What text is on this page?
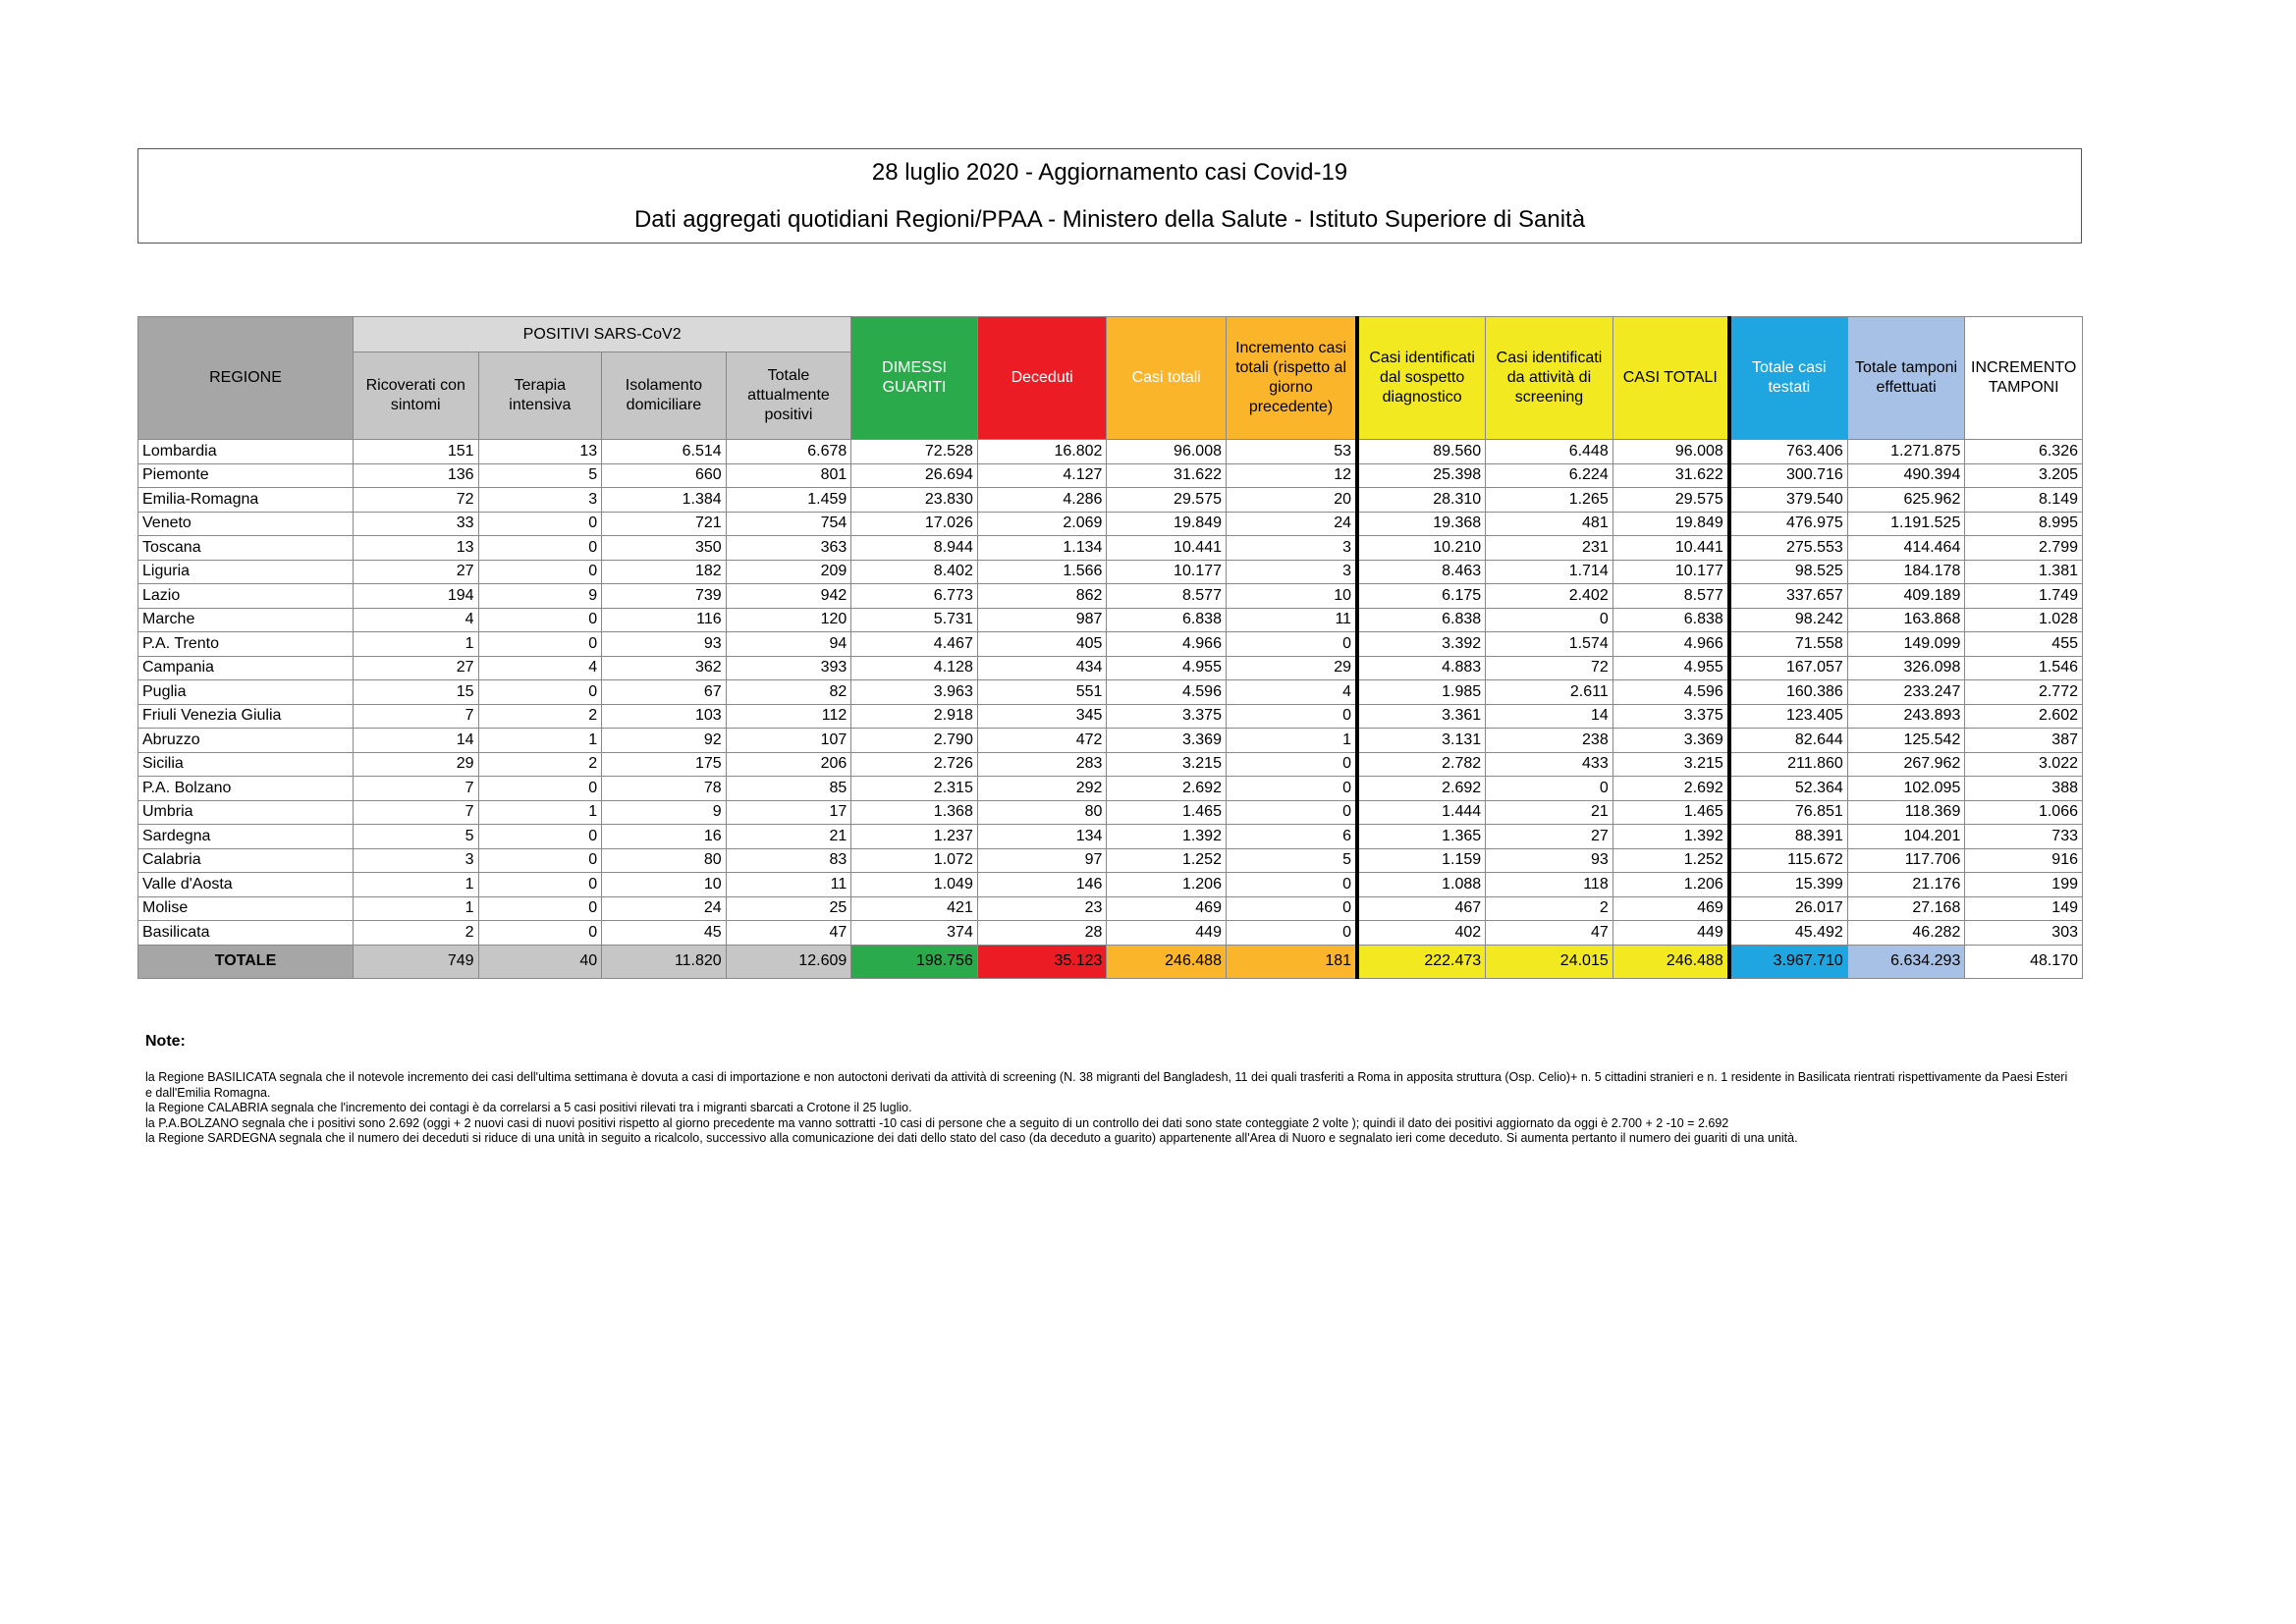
28 luglio 2020 - Aggiornamento casi Covid-19
Dati aggregati quotidiani Regioni/PPAA - Ministero della Salute - Istituto Superiore di Sanità
REGIONE	POSITIVI SARS-CoV2				DIMESSI GUARITI	Deceduti	Casi totali	Incremento casi totali (rispetto al giorno precedente)	Casi identificati dal sospetto diagnostico	Casi identificati da attività di screening	CASI TOTALI	Totale casi testati	Totale tamponi effettuati	INCREMENTO TAMPONI
	Ricoverati con sintomi	Terapia intensiva	Isolamento domiciliare	Totale attualmente positivi										
Lombardia	151	13	6.514	6.678	72.528	16.802	96.008	53	89.560	6.448	96.008	763.406	1.271.875	6.326
Piemonte	136	5	660	801	26.694	4.127	31.622	12	25.398	6.224	31.622	300.716	490.394	3.205
Emilia-Romagna	72	3	1.384	1.459	23.830	4.286	29.575	20	28.310	1.265	29.575	379.540	625.962	8.149
Veneto	33	0	721	754	17.026	2.069	19.849	24	19.368	481	19.849	476.975	1.191.525	8.995
Toscana	13	0	350	363	8.944	1.134	10.441	3	10.210	231	10.441	275.553	414.464	2.799
Liguria	27	0	182	209	8.402	1.566	10.177	3	8.463	1.714	10.177	98.525	184.178	1.381
Lazio	194	9	739	942	6.773	862	8.577	10	6.175	2.402	8.577	337.657	409.189	1.749
Marche	4	0	116	120	5.731	987	6.838	11	6.838	0	6.838	98.242	163.868	1.028
P.A. Trento	1	0	93	94	4.467	405	4.966	0	3.392	1.574	4.966	71.558	149.099	455
Campania	27	4	362	393	4.128	434	4.955	29	4.883	72	4.955	167.057	326.098	1.546
Puglia	15	0	67	82	3.963	551	4.596	4	1.985	2.611	4.596	160.386	233.247	2.772
Friuli Venezia Giulia	7	2	103	112	2.918	345	3.375	0	3.361	14	3.375	123.405	243.893	2.602
Abruzzo	14	1	92	107	2.790	472	3.369	1	3.131	238	3.369	82.644	125.542	387
Sicilia	29	2	175	206	2.726	283	3.215	0	2.782	433	3.215	211.860	267.962	3.022
P.A. Bolzano	7	0	78	85	2.315	292	2.692	0	2.692	0	2.692	52.364	102.095	388
Umbria	7	1	9	17	1.368	80	1.465	0	1.444	21	1.465	76.851	118.369	1.066
Sardegna	5	0	16	21	1.237	134	1.392	6	1.365	27	1.392	88.391	104.201	733
Calabria	3	0	80	83	1.072	97	1.252	5	1.159	93	1.252	115.672	117.706	916
Valle d'Aosta	1	0	10	11	1.049	146	1.206	0	1.088	118	1.206	15.399	21.176	199
Molise	1	0	24	25	421	23	469	0	467	2	469	26.017	27.168	149
Basilicata	2	0	45	47	374	28	449	0	402	47	449	45.492	46.282	303
TOTALE	749	40	11.820	12.609	198.756	35.123	246.488	181	222.473	24.015	246.488	3.967.710	6.634.293	48.170
Note:
la Regione BASILICATA segnala che il notevole incremento dei casi dell'ultima settimana è dovuta a casi di importazione e non autoctoni derivati da attività di screening (N. 38 migranti del Bangladesh, 11 dei quali trasferiti a Roma in apposita struttura (Osp. Celio)+ n. 5 cittadini stranieri e n. 1 residente in Basilicata rientrati rispettivamente da Paesi Esteri e dall'Emilia Romagna.
la Regione CALABRIA segnala che l'incremento dei contagi è da correlarsi a 5 casi positivi rilevati tra i migranti sbarcati a Crotone il 25 luglio.
la P.A.BOLZANO segnala che i positivi sono 2.692 (oggi + 2 nuovi casi di nuovi positivi rispetto al giorno precedente ma vanno sottratti -10 casi di persone che a seguito di un controllo dei dati sono state conteggiate 2 volte ); quindi il dato dei positivi aggiornato da oggi è 2.700 + 2 -10 = 2.692
la Regione SARDEGNA segnala che il numero dei deceduti si riduce di una unità in seguito a ricalcolo, successivo alla comunicazione dei dati dello stato del caso (da deceduto a guarito) appartenente all'Area di Nuoro e segnalato ieri come deceduto. Si aumenta pertanto il numero dei guariti di una unità.
